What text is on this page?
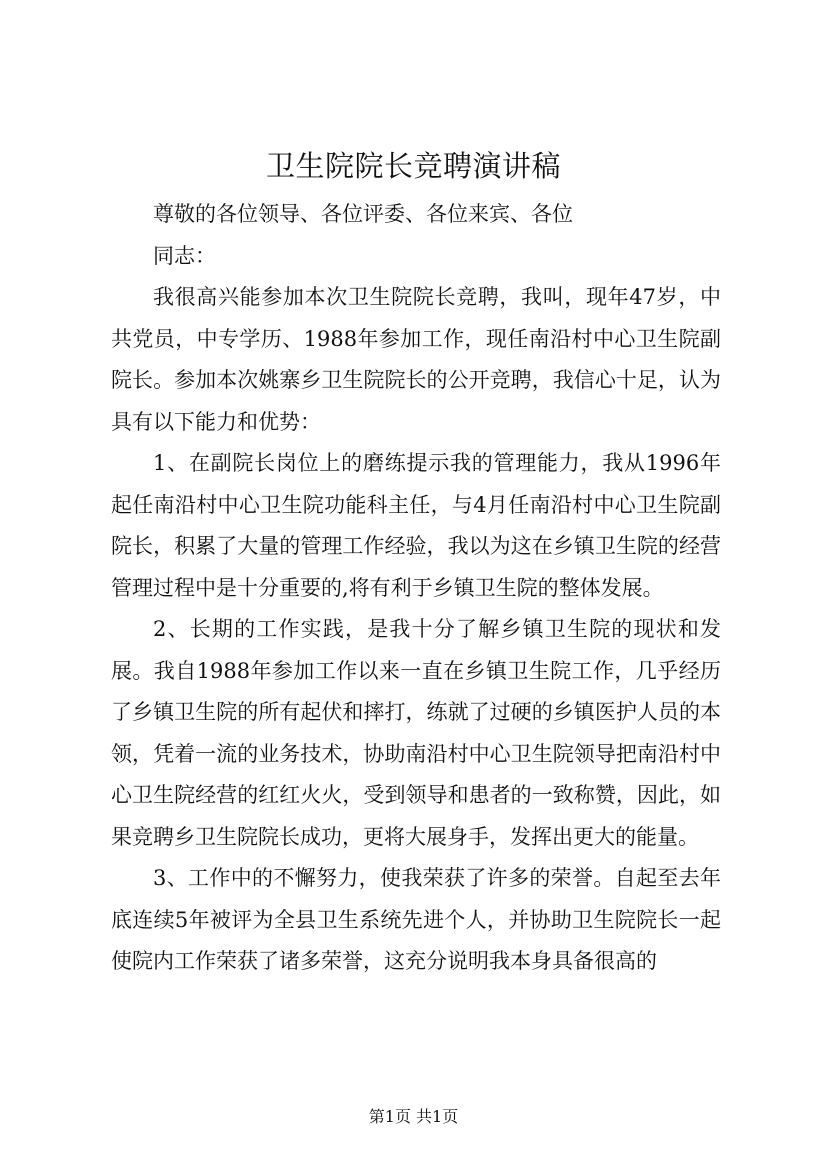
卫生院院长竞聘演讲稿

尊敬的各位领导、各位评委、各位来宾、各位

同志：

我很高兴能参加本次卫生院院长竞聘，我叫，现年47岁，中共党员，中专学历、1988年参加工作，现任南沿村中心卫生院副院长。参加本次姚寨乡卫生院院长的公开竞聘，我信心十足，认为具有以下能力和优势：

1、在副院长岗位上的磨练提示我的管理能力，我从1996年起任南沿村中心卫生院功能科主任，与4月任南沿村中心卫生院副院长，积累了大量的管理工作经验，我以为这在乡镇卫生院的经营管理过程中是十分重要的,将有利于乡镇卫生院的整体发展。

2、长期的工作实践，是我十分了解乡镇卫生院的现状和发展。我自1988年参加工作以来一直在乡镇卫生院工作，几乎经历了乡镇卫生院的所有起伏和摔打，练就了过硬的乡镇医护人员的本领，凭着一流的业务技术，协助南沿村中心卫生院领导把南沿村中心卫生院经营的红红火火，受到领导和患者的一致称赞，因此，如果竞聘乡卫生院院长成功，更将大展身手，发挥出更大的能量。

3、工作中的不懈努力，使我荣获了许多的荣誉。自起至去年底连续5年被评为全县卫生系统先进个人，并协助卫生院院长一起使院内工作荣获了诸多荣誉，这充分说明我本身具备很高的

第1页 共1页
